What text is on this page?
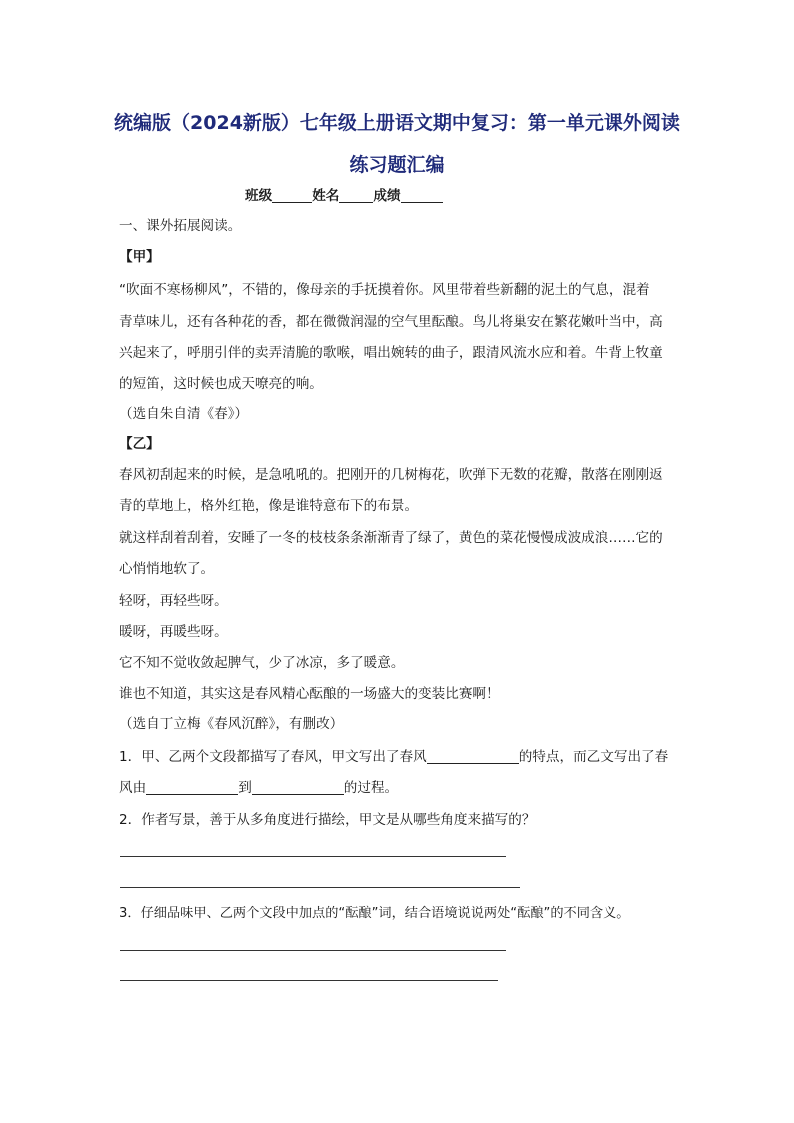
统编版（2024新版）七年级上册语文期中复习：第一单元课外阅读
练习题汇编
班级	姓名	成绩
一、课外拓展阅读。
【甲】
“吹面不寒杨柳风”，不错的，像母亲的手抚摸着你。风里带着些新翻的泥土的气息，混着
青草味儿，还有各种花的香，都在微微润湿的空气里酝酿。鸟儿将巢安在繁花嫩叶当中，高
兴起来了，呼朋引伴的卖弄清脆的歌喉，唱出婉转的曲子，跟清风流水应和着。牛背上牧童
的短笛，这时候也成天嘹亮的响。
（选自朱自清《春》）
【乙】
春风初刮起来的时候，是急吼吼的。把刚开的几树梅花，吹弹下无数的花瓣，散落在刚刚返
青的草地上，格外红艳，像是谁特意布下的布景。
就这样刮着刮着，安睡了一冬的枝枝条条渐渐青了绿了，黄色的菜花慢慢成波成浪……它的
心悄悄地软了。
轻呀，再轻些呀。
暖呀，再暖些呀。
它不知不觉收敛起脾气，少了冰凉，多了暖意。
谁也不知道，其实这是春风精心酝酿的一场盛大的变装比赛啊！
（选自丁立梅《春风沉醉》，有删改）
1．甲、乙两个文段都描写了春风，甲文写出了春风	的特点，而乙文写出了春
风由	到	的过程。
2．作者写景，善于从多角度进行描绘，甲文是从哪些角度来描写的？
3．仔细品味甲、乙两个文段中加点的“酝酿”词，结合语境说说两处“酝酿”的不同含义。
